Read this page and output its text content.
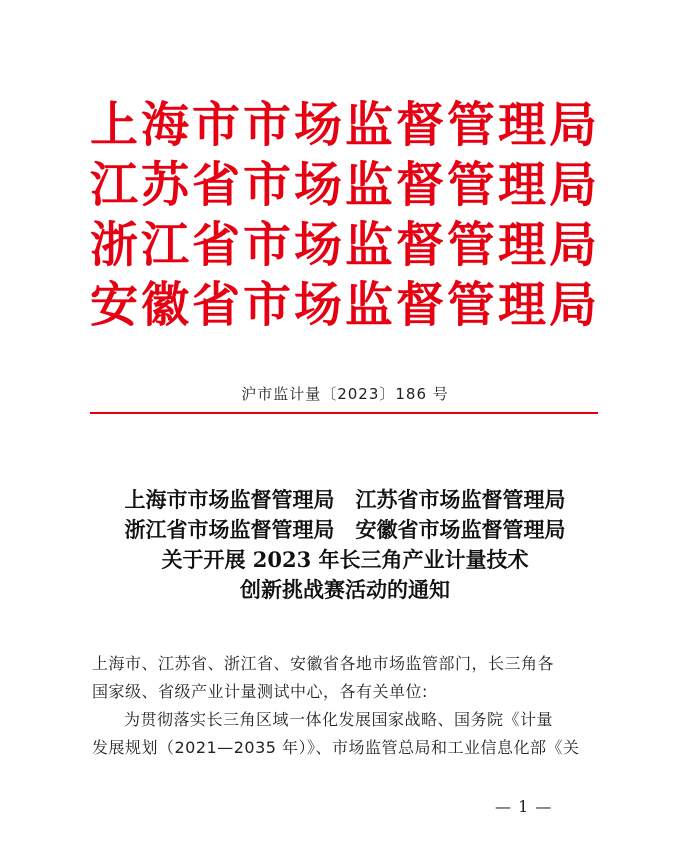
上海市市场监督管理局
江苏省市场监督管理局
浙江省市场监督管理局
安徽省市场监督管理局
沪市监计量〔2023〕186 号
上海市市场监督管理局　江苏省市场监督管理局
浙江省市场监督管理局　安徽省市场监督管理局
关于开展 2023 年长三角产业计量技术
创新挑战赛活动的通知
上海市、江苏省、浙江省、安徽省各地市场监管部门，长三角各
国家级、省级产业计量测试中心，各有关单位:
为贯彻落实长三角区域一体化发展国家战略、国务院《计量
发展规划（2021—2035 年）》、市场监管总局和工业信息化部《关
— 1 —
